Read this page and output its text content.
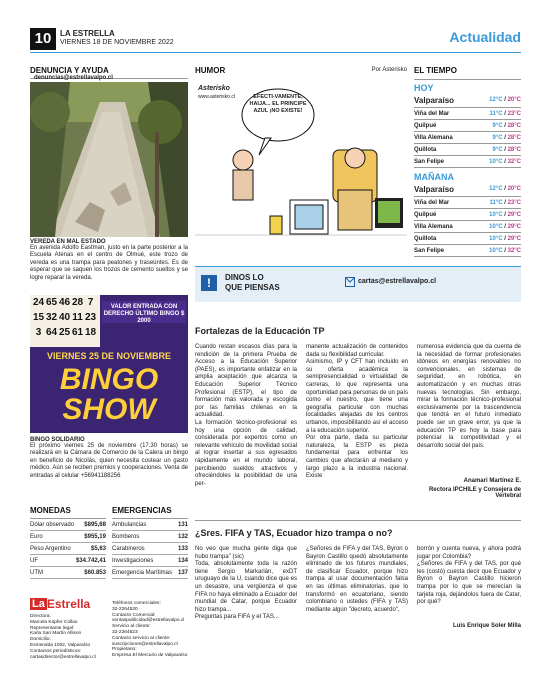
10	LA ESTRELLA
VIERNES 18 DE NOVIEMBRE 2022	Actualidad
DENUNCIA Y AYUDA denuncias@estrellavalpo.cl
VEREDA EN MAL ESTADO
En avenida Adolfo Eastman, justo en la parte posterior a la Escuela Atenas en el centro de Olmué, este trozo de vereda es una trampa para peatones y traseúntes. Es de esperar que se saquen los trozos de cemento sueltos y se logre reparar la vereda.
24 65 46 28 7
15 32 40 11 23
3 64 25 61 18
VALOR ENTRADA CON DERECHO ÚLTIMO BINGO $ 2000
VIERNES 25 DE NOVIEMBRE
BINGO
SHOW
BINGO SOLIDARIO
El próximo viernes 25 de noviembre (17.30 horas) se realizará en la Cámara de Comercio de la Calera un bingo en beneficio de Nicolás, quien necesita costear un gasto médico. Aún se reciben premios y cooperaciones. Venta de entradas al celular +56941188256
HUMOR	Por Asterisko
Asterisko
www.asterisko.cl	EFECTI-VAMENTE, HAIJA... EL PRINCIPE AZUL ¡NO EXISTE!
EL TIEMPO
HOY
Valparaíso	12°C / 20°C
Viña del Mar	11°C / 23°C
Quilpué	9°C / 28°C
Villa Alemana	9°C / 28°C
Quillota	9°C / 28°C
San Felipe	10°C / 32°C
MAÑANA
Valparaíso	12°C / 20°C
Viña del Mar	11°C / 23°C
Quilpué	10°C / 29°C
Villa Alemana	10°C / 29°C
Quillota	10°C / 29°C
San Felipe	10°C / 32°C
!	DINOS LO
QUE PIENSAS
cartas@estrellavalpo.cl
Fortalezas de la Educación TP
Cuando restan escasos días para la rendición de la primera Prueba de Acceso a la Educación Superior (PAES), es importante enfatizar en la amplia aceptación que alcanza la Educación Superior Técnico Profesional (ESTP), el tipo de formación más valorada y escogida por las familias chilenas en la actualidad.
La formación técnico-profesional es hoy una opción de calidad, considerada por expertos como un relevante vehículo de movilidad social al lograr insertar a sus egresados rápidamente en el mundo laboral, percibiendo sueldos atractivos y ofreciéndoles la posibilidad de una per-
manente actualización de contenidos dada su flexibilidad curricular.
Asimismo, IP y CFT han incluido en su oferta académica la semipresencialidad o virtualidad de carreras, lo que representa una oportunidad para personas de un país como el nuestro, que tiene una geografía particular con muchas localidades alejadas de los centros urbanos, imposibilitando así el acceso a la educación superior.
Por otra parte, dada su particular naturaleza, la ESTP es pieza fundamental para enfrentar los cambios que afectarán al mediano y largo plazo a la industria nacional. Existe
numerosa evidencia que da cuenta de la necesidad de formar profesionales idóneos en energías renovables no convencionales, en sistemas de seguridad, en robótica, en automatización y en muchas otras nuevas tecnologías. Sin embargo, mirar la formación técnico-profesional exclusivamente por la trascendencia que tendrá en el futuro inmediato puede ser un grave error, ya que la educación TP es hoy la base para potenciar la competitividad y el desarrollo social del país.
Anamari Martínez E.
Rectora IPCHILE y Consejera de Vertebral
MONEDAS
Dólar observado $895,68
Euro	$955,19
Peso Argentino	$5,63
UF	$34.742,41
UTM	$60.853
EMERGENCIAS
Ambulancias	131
Bomberos	132
Carabineros	133
Investigaciones	134
Emergencia Marítimas 137
La Estrella
Directora:
Marcela Küpfer Collao
Representante legal:
Karla San Martín Allison
Domicilio:
Esmeralda 1002, Valparaíso
Contactos periodísticos:
cartasdirector@estrellavalpo.cl
Teléfonos comerciales:
32-2264530
Contacto Comercial:
ventaspublicidad@estrellavalpo.cl
Servicio al cliente:
32-2264523
Contacto servicio al cliente:
suscripciones@estrellavalpo.cl
Propietario:
Empresa El Mercurio de Valparaíso
¿Sres. FIFA y TAS, Ecuador hizo trampa o no?
No veo que mucha gente diga que hubo trampa" (sic)
Toda, absolutamente toda la razón tiene Sergio Markarián, exDT uruguayo de la U, cuando dice que es un desastre, una vergüenza el que FIFA no haya eliminado a Ecuador del mundial de Catar, porque Ecuador hizo trampa...
Preguntas para FIFA y el TAS...
¿Señores de FIFA y del TAS, Byron o Bayron Castillo quedó absolutamente eliminado de los futuros mundiales, de clasificar Ecuador, porque hizo trampa al usar documentación falsa en las últimas eliminatorias, que lo transformó en ecuatoriano, siendo colombiano o ustedes (FIFA y TAS) mediante algún "decreto, acuerdo",
borrón y cuenta nueva, y ahora podrá jugar por Colombia?
¿Señores de FIFA y del TAS, por qué les (costó) cuesta decir que Ecuador y Byron o Bayron Castillo hicieron trampa por lo que se merecían la tarjeta roja, dejándolos fuera de Catar, por qué?
Luis Enrique Soler Milla
